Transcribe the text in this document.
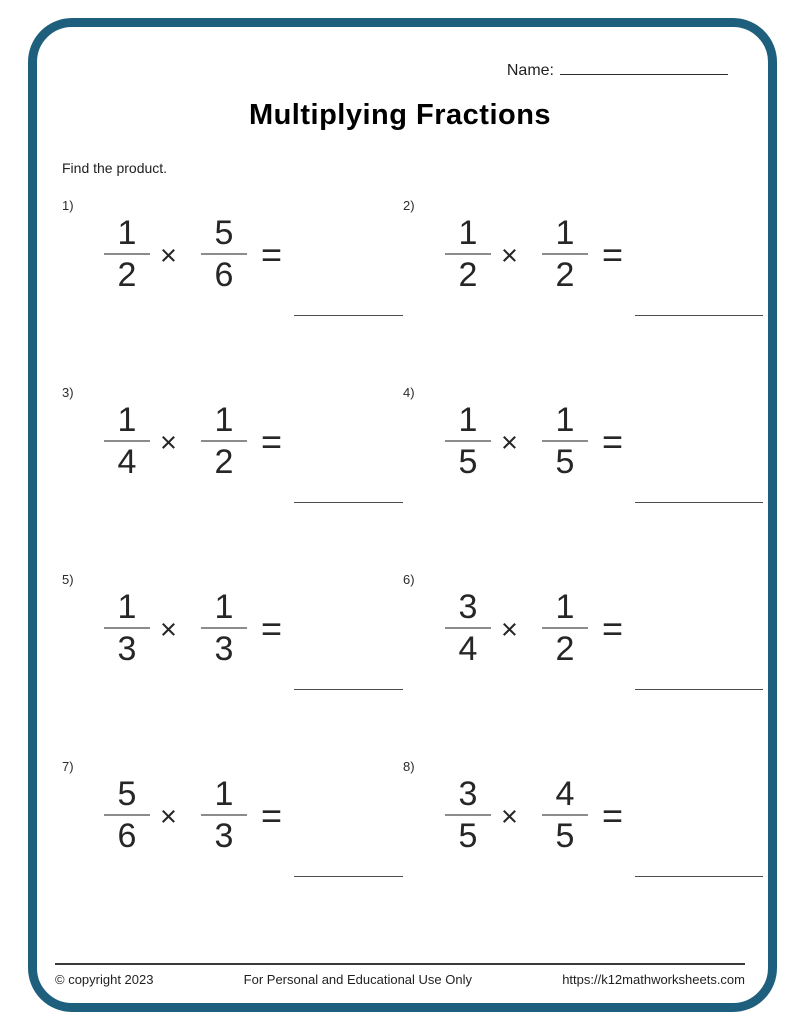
Name:
Multiplying Fractions
Find the product.
1)
$\frac{1}{2} \times \frac{5}{6}$ =
2)
$\frac{1}{2} \times \frac{1}{2}$ =
3)
$\frac{1}{4} \times \frac{1}{2}$ =
4)
$\frac{1}{5} \times \frac{1}{5}$ =
5)
$\frac{1}{3} \times \frac{1}{3}$ =
6)
$\frac{3}{4} \times \frac{1}{2}$ =
7)
$\frac{5}{6} \times \frac{1}{3}$ =
8)
$\frac{3}{5} \times \frac{4}{5}$ =
© copyright 2023	For Personal and Educational Use Only	https://k12mathworksheets.com
